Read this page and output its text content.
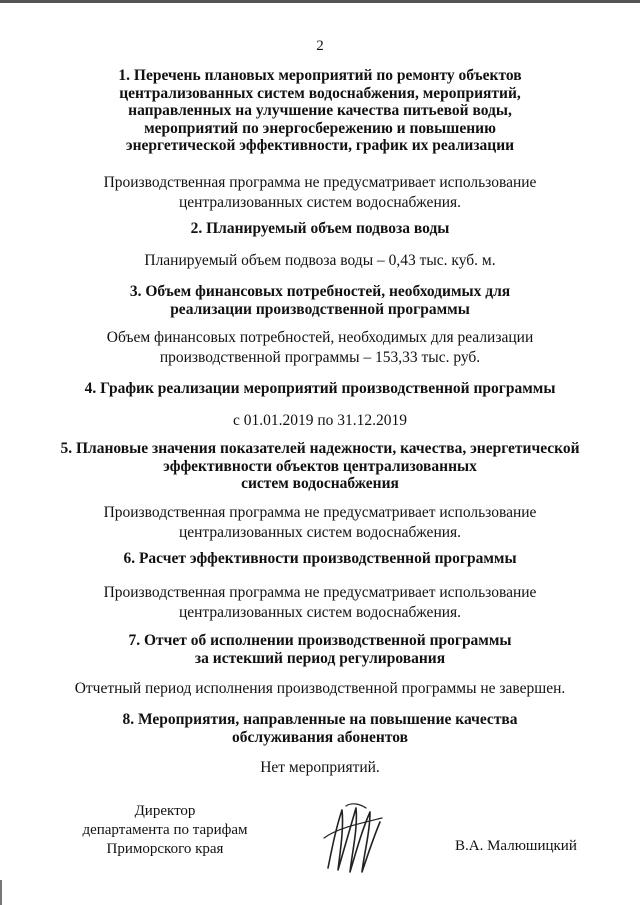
2
1. Перечень плановых мероприятий по ремонту объектов
централизованных систем водоснабжения, мероприятий,
направленных на улучшение качества питьевой воды,
мероприятий по энергосбережению и повышению
энергетической эффективности, график их реализации
Производственная программа не предусматривает использование
централизованных систем водоснабжения.
2. Планируемый объем подвоза воды
Планируемый объем подвоза воды – 0,43 тыс. куб. м.
3. Объем финансовых потребностей, необходимых для
реализации производственной программы
Объем финансовых потребностей, необходимых для реализации
производственной программы – 153,33 тыс. руб.
4. График реализации мероприятий производственной программы
с 01.01.2019 по 31.12.2019
5. Плановые значения показателей надежности, качества, энергетической
эффективности объектов централизованных
систем водоснабжения
Производственная программа не предусматривает использование
централизованных систем водоснабжения.
6. Расчет эффективности производственной программы
Производственная программа не предусматривает использование
централизованных систем водоснабжения.
7. Отчет об исполнении производственной программы
за истекший период регулирования
Отчетный период исполнения производственной программы не завершен.
8. Мероприятия, направленные на повышение качества
обслуживания абонентов
Нет мероприятий.
Директор
департамента по тарифам
Приморского края	В.А. Малюшицкий
